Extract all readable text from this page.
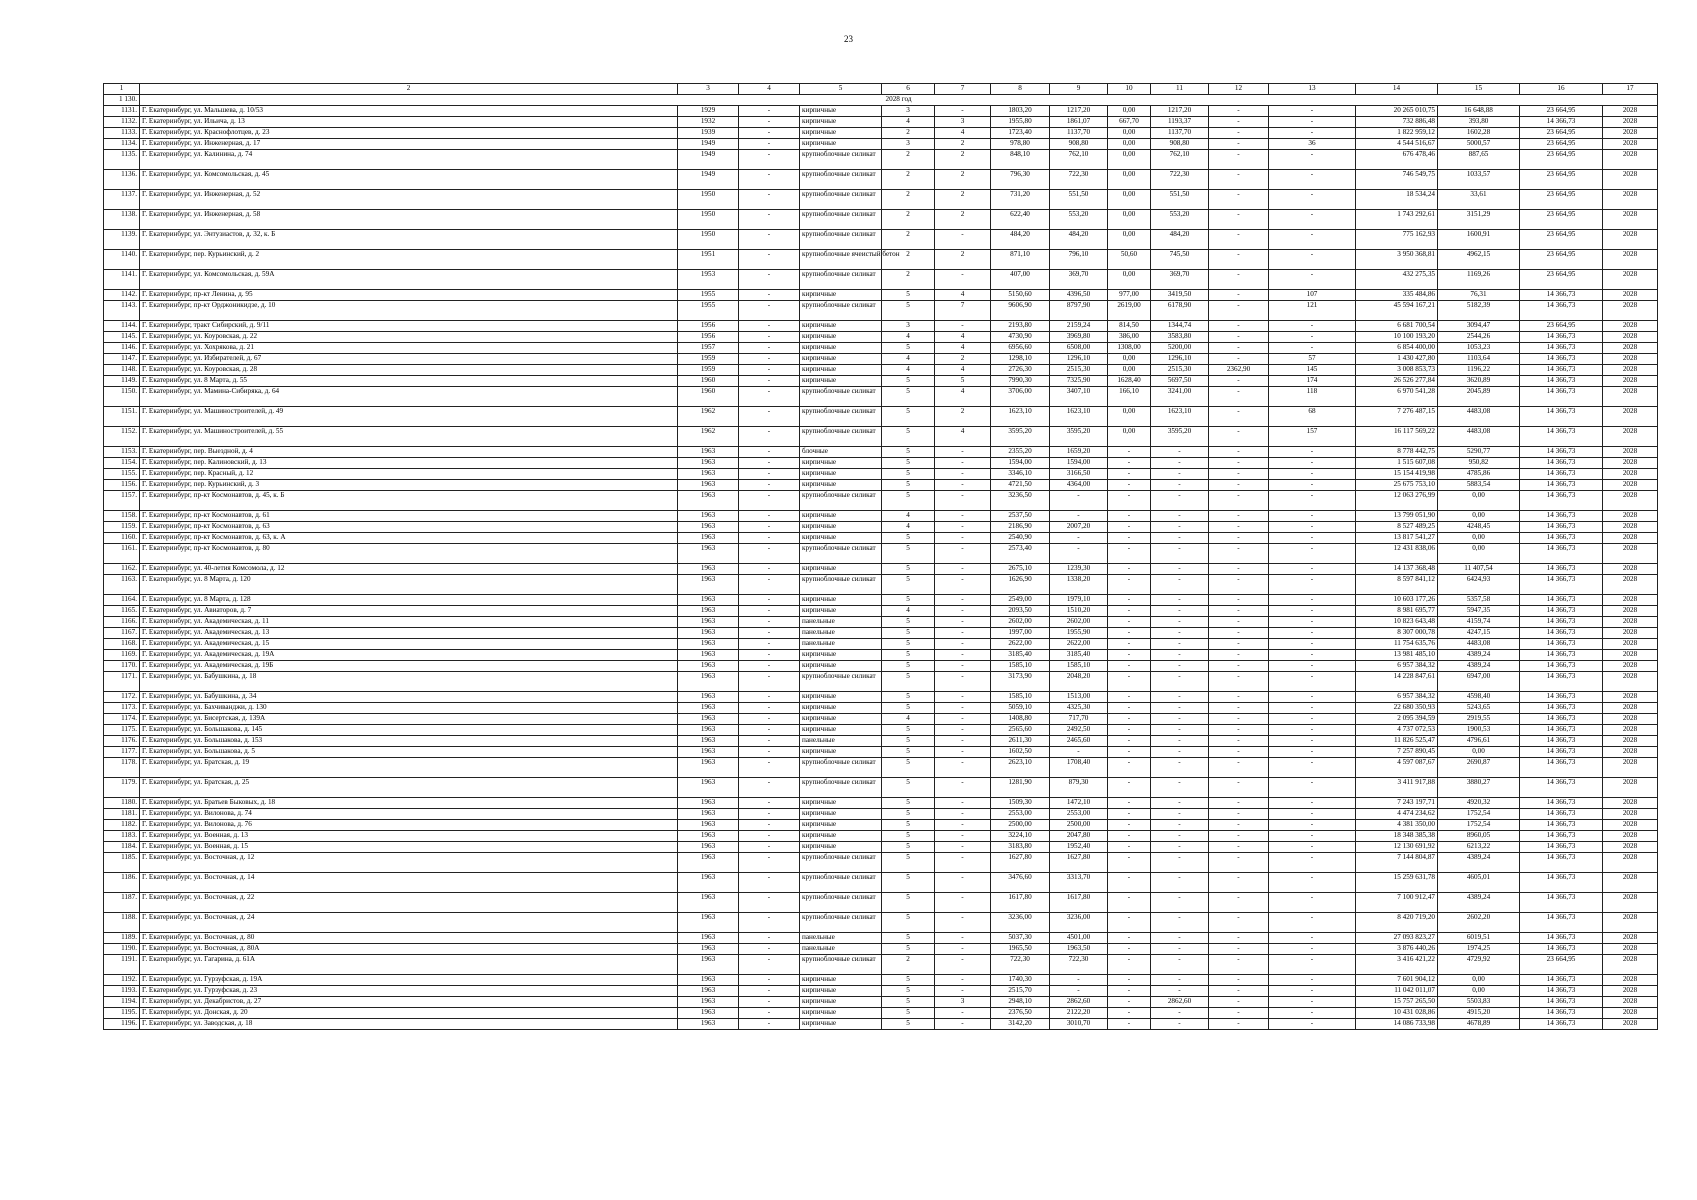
23
1	2	3	4	5	6	7	8	9	10	11	12	13	14	15	16	17
1 130.	2028 год															
1131.	Г. Екатеринбург, ул. Мальшева, д. 10/53	1929	-	кирпичные	3	-	1803,20	1217,20	0,00	1217,20	-	-	20 265 010,75	16 648,88	23 664,95	2028
1132.	Г. Екатеринбург, ул. Ильича, д. 13	1932	-	кирпичные	4	3	1955,80	1861,07	667,70	1193,37	-	-	732 886,48	393,80	14 366,73	2028
1133.	Г. Екатеринбург, ул. Краснофлотцев, д. 23	1939	-	кирпичные	2	4	1723,40	1137,70	0,00	1137,70	-	-	1 822 959,12	1602,28	23 664,95	2028
1134.	Г. Екатеринбург, ул. Инженерная, д. 17	1949	-	кирпичные	3	2	978,80	908,80	0,00	908,80	-	36	4 544 516,67	5000,57	23 664,95	2028
1135.	Г. Екатеринбург, ул. Калинина, д. 74	1949	-	крупноблочные силикат	2	2	848,10	762,10	0,00	762,10	-	-	676 478,46	887,65	23 664,95	2028
1136.	Г. Екатеринбург, ул. Комсомольская, д. 45	1949	-	крупноблочные силикат	2	2	796,30	722,30	0,00	722,30	-	-	746 549,75	1033,57	23 664,95	2028
1137.	Г. Екатеринбург, ул. Инженерная, д. 52	1950	-	крупноблочные силикат	2	2	731,20	551,50	0,00	551,50	-	-	18 534,24	33,61	23 664,95	2028
1138.	Г. Екатеринбург, ул. Инженерная, д. 58	1950	-	крупноблочные силикат	2	2	622,40	553,20	0,00	553,20	-	-	1 743 292,61	3151,29	23 664,95	2028
1139.	Г. Екатеринбург, ул. Энтузиастов, д. 32, к. Б	1950	-	крупноблочные силикат	2	-	484,20	484,20	0,00	484,20	-	-	775 162,93	1600,91	23 664,95	2028
1140.	Г. Екатеринбург, пер. Курьинский, д. 2	1951	-	крупноблочные ячеистый бетон	2	2	871,10	796,10	50,60	745,50	-	-	3 950 368,81	4962,15	23 664,95	2028
1141.	Г. Екатеринбург, ул. Комсомольская, д. 59А	1953	-	крупноблочные силикат	2	-	407,00	369,70	0,00	369,70	-	-	432 275,35	1169,26	23 664,95	2028
1142.	Г. Екатеринбург, пр-кт Ленина, д. 95	1955	-	кирпичные	5	4	5150,60	4396,50	977,00	3419,50	-	107	335 484,86	76,31	14 366,73	2028
1143.	Г. Екатеринбург, пр-кт Орджоникидзе, д. 10	1955	-	крупноблочные силикат	5	7	9606,90	8797,90	2619,00	6178,90	-	121	45 594 167,21	5182,39	14 366,73	2028
1144.	Г. Екатеринбург, тракт Сибирский, д. 9/11	1956	-	кирпичные	3	-	2193,80	2159,24	814,50	1344,74	-	-	6 681 700,54	3094,47	23 664,95	2028
1145.	Г. Екатеринбург, ул. Коуровская, д. 22	1956	-	кирпичные	4	4	4730,90	3969,80	386,00	3583,80	-	-	10 100 193,20	2544,26	14 366,73	2028
1146.	Г. Екатеринбург, ул. Хохрякова, д. 21	1957	-	кирпичные	5	4	6956,60	6508,00	1308,00	5200,00	-	-	6 854 400,00	1053,23	14 366,73	2028
1147.	Г. Екатеринбург, ул. Избирателей, д. 67	1959	-	кирпичные	4	2	1298,10	1296,10	0,00	1296,10	-	57	1 430 427,80	1103,64	14 366,73	2028
1148.	Г. Екатеринбург, ул. Коуровская, д. 28	1959	-	кирпичные	4	4	2726,30	2515,30	0,00	2515,30	2362,90	145	3 008 853,73	1196,22	14 366,73	2028
1149.	Г. Екатеринбург, ул. 8 Марта, д. 55	1960	-	кирпичные	5	5	7990,30	7325,90	1628,40	5697,50	-	174	26 526 277,84	3620,89	14 366,73	2028
1150.	Г. Екатеринбург, ул. Мамина-Сибиряка, д. 64	1960	-	крупноблочные силикат	5	4	3706,00	3407,10	166,10	3241,00	-	118	6 970 541,28	2045,89	14 366,73	2028
1151.	Г. Екатеринбург, ул. Машиностроителей, д. 49	1962	-	крупноблочные силикат	5	2	1623,10	1623,10	0,00	1623,10	-	68	7 276 487,15	4483,08	14 366,73	2028
1152.	Г. Екатеринбург, ул. Машиностроителей, д. 55	1962	-	крупноблочные силикат	5	4	3595,20	3595,20	0,00	3595,20	-	157	16 117 569,22	4483,08	14 366,73	2028
1153.	Г. Екатеринбург, пер. Выездной, д. 4	1963	-	блочные	5	-	2355,20	1659,20	-	-	-	-	8 778 442,75	5290,77	14 366,73	2028
1154.	Г. Екатеринбург, пер. Калиновский, д. 13	1963	-	кирпичные	5	-	1594,00	1594,00	-	-	-	-	1 515 607,08	950,82	14 366,73	2028
1155.	Г. Екатеринбург, пер. Красный, д. 12	1963	-	кирпичные	5	-	3346,10	3166,50	-	-	-	-	15 154 419,98	4785,86	14 366,73	2028
1156.	Г. Екатеринбург, пер. Курьинский, д. 3	1963	-	кирпичные	5	-	4721,50	4364,00	-	-	-	-	25 675 753,10	5883,54	14 366,73	2028
1157.	Г. Екатеринбург, пр-кт Космонавтов, д. 45, к. Б	1963	-	крупноблочные силикат	5	-	3236,50	-	-	-	-	-	12 063 276,99	0,00	14 366,73	2028
1158.	Г. Екатеринбург, пр-кт Космонавтов, д. 61	1963	-	кирпичные	4	-	2537,50	-	-	-	-	-	13 799 051,90	0,00	14 366,73	2028
1159.	Г. Екатеринбург, пр-кт Космонавтов, д. 63	1963	-	кирпичные	4	-	2186,90	2007,20	-	-	-	-	8 527 489,25	4248,45	14 366,73	2028
1160.	Г. Екатеринбург, пр-кт Космонавтов, д. 63, к. А	1963	-	кирпичные	5	-	2540,90	-	-	-	-	-	13 817 541,27	0,00	14 366,73	2028
1161.	Г. Екатеринбург, пр-кт Космонавтов, д. 80	1963	-	крупноблочные силикат	5	-	2573,40	-	-	-	-	-	12 431 838,06	0,00	14 366,73	2028
1162.	Г. Екатеринбург, ул. 40-летия Комсомола, д. 12	1963	-	кирпичные	5	-	2675,10	1239,30	-	-	-	-	14 137 368,48	11 407,54	14 366,73	2028
1163.	Г. Екатеринбург, ул. 8 Марта, д. 120	1963	-	крупноблочные силикат	5	-	1626,90	1338,20	-	-	-	-	8 597 841,12	6424,93	14 366,73	2028
1164.	Г. Екатеринбург, ул. 8 Марта, д. 128	1963	-	кирпичные	5	-	2549,00	1979,10	-	-	-	-	10 603 177,26	5357,58	14 366,73	2028
1165.	Г. Екатеринбург, ул. Авиаторов, д. 7	1963	-	кирпичные	4	-	2093,50	1510,20	-	-	-	-	8 981 695,77	5947,35	14 366,73	2028
1166.	Г. Екатеринбург, ул. Академическая, д. 11	1963	-	панельные	5	-	2602,00	2602,00	-	-	-	-	10 823 643,48	4159,74	14 366,73	2028
1167.	Г. Екатеринбург, ул. Академическая, д. 13	1963	-	панельные	5	-	1997,00	1955,90	-	-	-	-	8 307 000,78	4247,15	14 366,73	2028
1168.	Г. Екатеринбург, ул. Академическая, д. 15	1963	-	панельные	5	-	2622,00	2622,00	-	-	-	-	11 754 635,76	4483,08	14 366,73	2028
1169.	Г. Екатеринбург, ул. Академическая, д. 19А	1963	-	кирпичные	5	-	3185,40	3185,40	-	-	-	-	13 981 485,10	4389,24	14 366,73	2028
1170.	Г. Екатеринбург, ул. Академическая, д. 19Б	1963	-	кирпичные	5	-	1585,10	1585,10	-	-	-	-	6 957 384,32	4389,24	14 366,73	2028
1171.	Г. Екатеринбург, ул. Бабушкина, д. 18	1963	-	крупноблочные силикат	5	-	3173,90	2048,20	-	-	-	-	14 228 847,61	6947,00	14 366,73	2028
1172.	Г. Екатеринбург, ул. Бабушкина, д. 34	1963	-	кирпичные	5	-	1585,10	1513,00	-	-	-	-	6 957 384,32	4598,40	14 366,73	2028
1173.	Г. Екатеринбург, ул. Бахчиванджи, д. 130	1963	-	кирпичные	5	-	5059,10	4325,30	-	-	-	-	22 680 350,93	5243,65	14 366,73	2028
1174.	Г. Екатеринбург, ул. Бисертская, д. 139А	1963	-	кирпичные	4	-	1408,80	717,70	-	-	-	-	2 095 394,59	2919,55	14 366,73	2028
1175.	Г. Екатеринбург, ул. Большакова, д. 145	1963	-	кирпичные	5	-	2565,60	2492,50	-	-	-	-	4 737 072,53	1900,53	14 366,73	2028
1176.	Г. Екатеринбург, ул. Большакова, д. 153	1963	-	панельные	5	-	2611,30	2465,60	-	-	-	-	11 826 525,47	4796,61	14 366,73	2028
1177.	Г. Екатеринбург, ул. Большакова, д. 5	1963	-	кирпичные	5	-	1602,50	-	-	-	-	-	7 257 890,45	0,00	14 366,73	2028
1178.	Г. Екатеринбург, ул. Братская, д. 19	1963	-	крупноблочные силикат	5	-	2623,10	1708,40	-	-	-	-	4 597 087,67	2690,87	14 366,73	2028
1179.	Г. Екатеринбург, ул. Братская, д. 25	1963	-	крупноблочные силикат	5	-	1281,90	879,30	-	-	-	-	3 411 917,88	3880,27	14 366,73	2028
1180.	Г. Екатеринбург, ул. Братьев Быковых, д. 18	1963	-	кирпичные	5	-	1509,30	1472,10	-	-	-	-	7 243 197,71	4920,32	14 366,73	2028
1181.	Г. Екатеринбург, ул. Вилонова, д. 74	1963	-	кирпичные	5	-	2553,00	2553,00	-	-	-	-	4 474 234,62	1752,54	14 366,73	2028
1182.	Г. Екатеринбург, ул. Вилонова, д. 76	1963	-	кирпичные	5	-	2500,00	2500,00	-	-	-	-	4 381 350,00	1752,54	14 366,73	2028
1183.	Г. Екатеринбург, ул. Военная, д. 13	1963	-	кирпичные	5	-	3224,10	2047,80	-	-	-	-	18 348 385,38	8960,05	14 366,73	2028
1184.	Г. Екатеринбург, ул. Военная, д. 15	1963	-	кирпичные	5	-	3183,80	1952,40	-	-	-	-	12 130 691,92	6213,22	14 366,73	2028
1185.	Г. Екатеринбург, ул. Восточная, д. 12	1963	-	крупноблочные силикат	5	-	1627,80	1627,80	-	-	-	-	7 144 804,87	4389,24	14 366,73	2028
1186.	Г. Екатеринбург, ул. Восточная, д. 14	1963	-	крупноблочные силикат	5	-	3476,60	3313,70	-	-	-	-	15 259 631,78	4605,01	14 366,73	2028
1187.	Г. Екатеринбург, ул. Восточная, д. 22	1963	-	крупноблочные силикат	5	-	1617,80	1617,80	-	-	-	-	7 100 912,47	4389,24	14 366,73	2028
1188.	Г. Екатеринбург, ул. Восточная, д. 24	1963	-	крупноблочные силикат	5	-	3236,00	3236,00	-	-	-	-	8 420 719,20	2602,20	14 366,73	2028
1189.	Г. Екатеринбург, ул. Восточная, д. 80	1963	-	панельные	5	-	5037,30	4501,00	-	-	-	-	27 093 823,27	6019,51	14 366,73	2028
1190.	Г. Екатеринбург, ул. Восточная, д. 80А	1963	-	панельные	5	-	1965,50	1963,50	-	-	-	-	3 876 440,26	1974,25	14 366,73	2028
1191.	Г. Екатеринбург, ул. Гагарина, д. 61А	1963	-	крупноблочные силикат	2	-	722,30	722,30	-	-	-	-	3 416 421,22	4729,92	23 664,95	2028
1192.	Г. Екатеринбург, ул. Гурзуфская, д. 19А	1963	-	кирпичные	5	-	1740,30	-	-	-	-	-	7 601 904,12	0,00	14 366,73	2028
1193.	Г. Екатеринбург, ул. Гурзуфская, д. 23	1963	-	кирпичные	5	-	2515,70	-	-	-	-	-	11 042 011,07	0,00	14 366,73	2028
1194.	Г. Екатеринбург, ул. Декабристов, д. 27	1963	-	кирпичные	5	3	2948,10	2862,60	-	2862,60	-	-	15 757 265,50	5503,83	14 366,73	2028
1195.	Г. Екатеринбург, ул. Донская, д. 20	1963	-	кирпичные	5	-	2376,50	2122,20	-	-	-	-	10 431 028,86	4915,20	14 366,73	2028
1196.	Г. Екатеринбург, ул. Заводская, д. 18	1963	-	кирпичные	5	-	3142,20	3010,70	-	-	-	-	14 086 733,98	4678,89	14 366,73	2028
